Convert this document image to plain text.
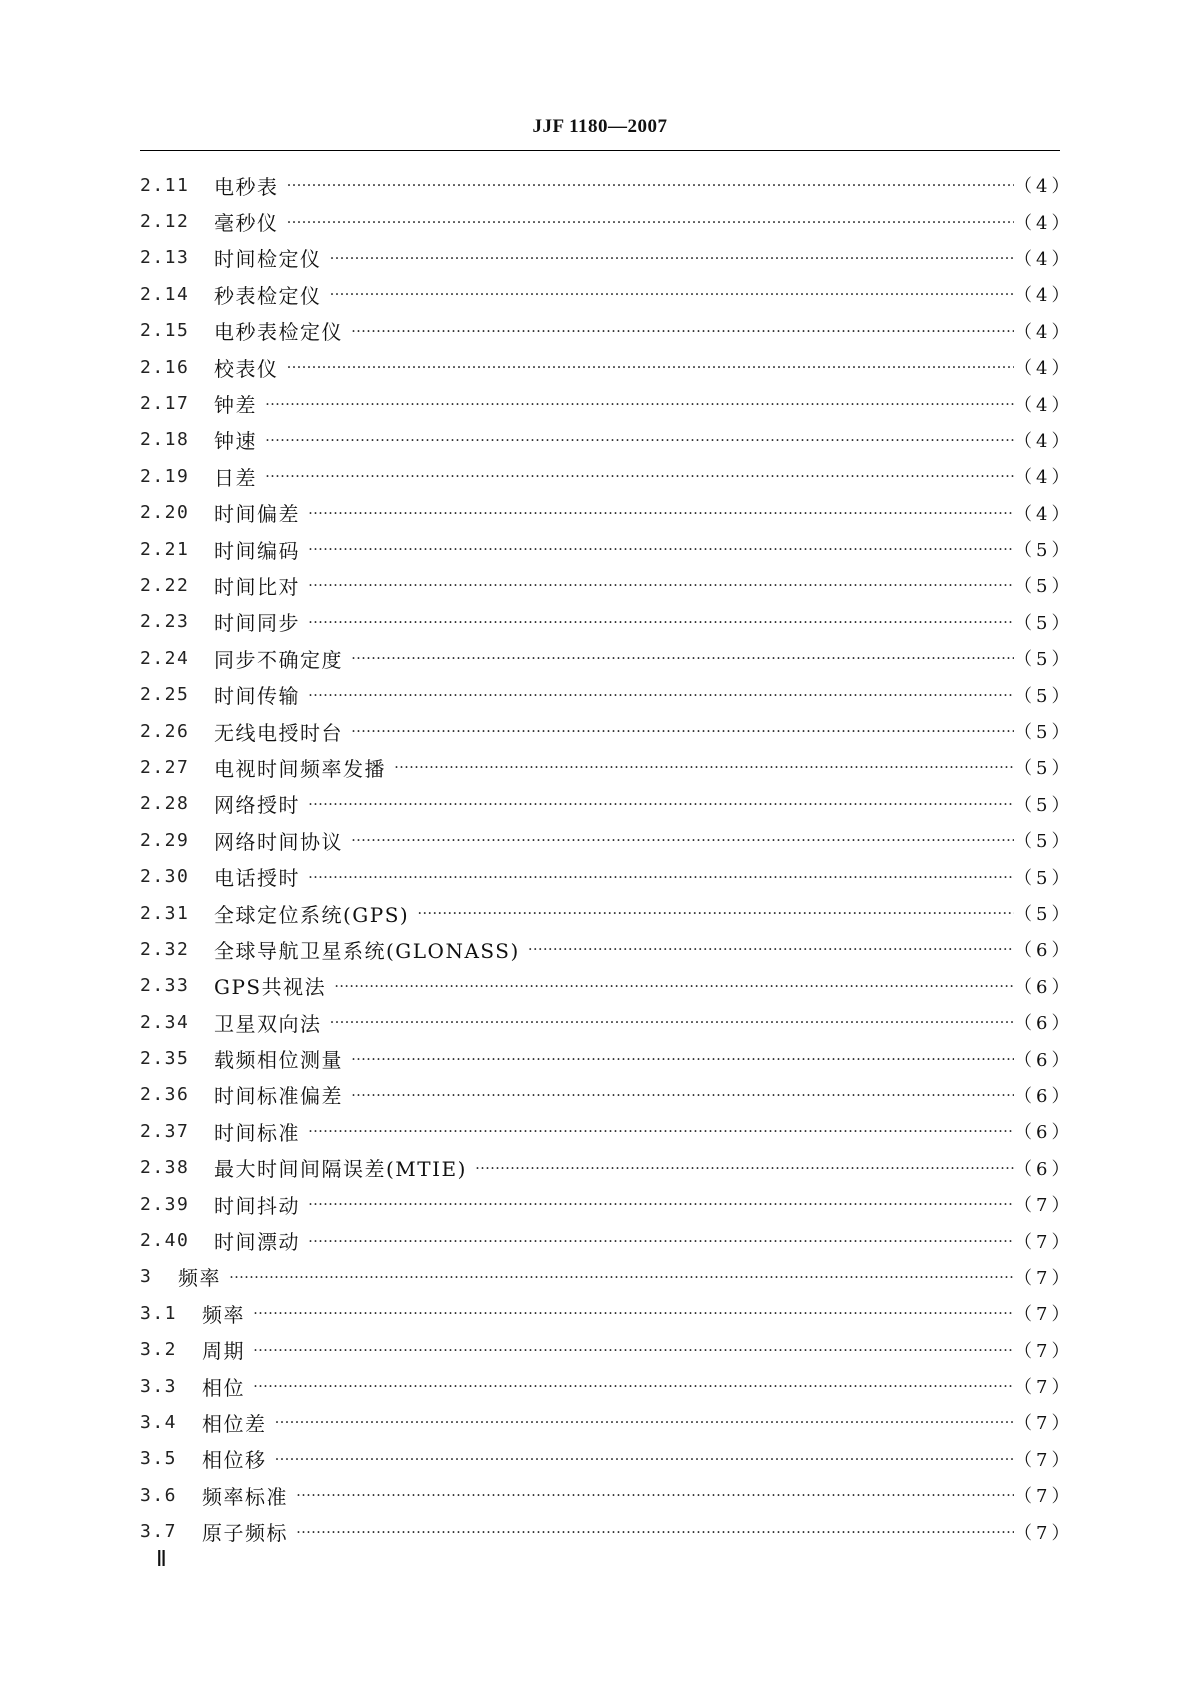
JJF 1180—2007
2.11	电秒表 ……………………………………………………………………………………………………………………………………………………………………	（4）
2.12	毫秒仪 ……………………………………………………………………………………………………………………………………………………………………	（4）
2.13	时间检定仪 ……………………………………………………………………………………………………………………………………………………………………	（4）
2.14	秒表检定仪 ……………………………………………………………………………………………………………………………………………………………………	（4）
2.15	电秒表检定仪 ……………………………………………………………………………………………………………………………………………………………………	（4）
2.16	校表仪 ……………………………………………………………………………………………………………………………………………………………………	（4）
2.17	钟差 ……………………………………………………………………………………………………………………………………………………………………	（4）
2.18	钟速 ……………………………………………………………………………………………………………………………………………………………………	（4）
2.19	日差 ……………………………………………………………………………………………………………………………………………………………………	（4）
2.20	时间偏差 ……………………………………………………………………………………………………………………………………………………………………	（4）
2.21	时间编码 ……………………………………………………………………………………………………………………………………………………………………	（5）
2.22	时间比对 ……………………………………………………………………………………………………………………………………………………………………	（5）
2.23	时间同步 ……………………………………………………………………………………………………………………………………………………………………	（5）
2.24	同步不确定度 ……………………………………………………………………………………………………………………………………………………………………	（5）
2.25	时间传输 ……………………………………………………………………………………………………………………………………………………………………	（5）
2.26	无线电授时台 ……………………………………………………………………………………………………………………………………………………………………	（5）
2.27	电视时间频率发播 ……………………………………………………………………………………………………………………………………………………………………	（5）
2.28	网络授时 ……………………………………………………………………………………………………………………………………………………………………	（5）
2.29	网络时间协议 ……………………………………………………………………………………………………………………………………………………………………	（5）
2.30	电话授时 ……………………………………………………………………………………………………………………………………………………………………	（5）
2.31	全球定位系统(GPS) ……………………………………………………………………………………………………………………………………………………………………	（5）
2.32	全球导航卫星系统(GLONASS) ……………………………………………………………………………………………………………………………………………………………………	（6）
2.33	GPS共视法 ……………………………………………………………………………………………………………………………………………………………………	（6）
2.34	卫星双向法 ……………………………………………………………………………………………………………………………………………………………………	（6）
2.35	载频相位测量 ……………………………………………………………………………………………………………………………………………………………………	（6）
2.36	时间标准偏差 ……………………………………………………………………………………………………………………………………………………………………	（6）
2.37	时间标准 ……………………………………………………………………………………………………………………………………………………………………	（6）
2.38	最大时间间隔误差(MTIE) ……………………………………………………………………………………………………………………………………………………………………	（6）
2.39	时间抖动 ……………………………………………………………………………………………………………………………………………………………………	（7）
2.40	时间漂动 ……………………………………………………………………………………………………………………………………………………………………	（7）
3	频率 ……………………………………………………………………………………………………………………………………………………………………	（7）
3.1	频率 ……………………………………………………………………………………………………………………………………………………………………	（7）
3.2	周期 ……………………………………………………………………………………………………………………………………………………………………	（7）
3.3	相位 ……………………………………………………………………………………………………………………………………………………………………	（7）
3.4	相位差 ……………………………………………………………………………………………………………………………………………………………………	（7）
3.5	相位移 ……………………………………………………………………………………………………………………………………………………………………	（7）
3.6	频率标准 ……………………………………………………………………………………………………………………………………………………………………	（7）
3.7	原子频标 ……………………………………………………………………………………………………………………………………………………………………	（7）
Ⅱ
